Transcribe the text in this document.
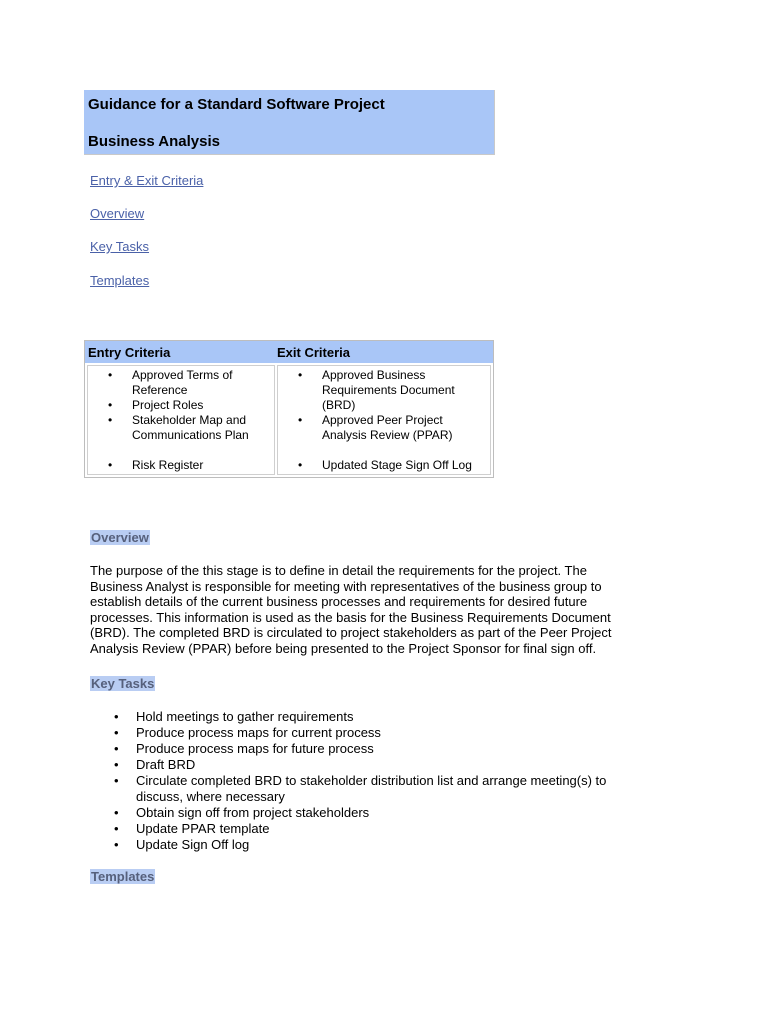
Guidance for a Standard Software Project
Business Analysis
Entry & Exit Criteria
Overview
Key Tasks
Templates
Entry Criteria	Exit Criteria
• Approved Terms of
Reference
• Project Roles
• Stakeholder Map and
Communications Plan
• Risk Register
• Approved Business
Requirements Document
(BRD)
• Approved Peer Project
Analysis Review (PPAR)
• Updated Stage Sign Off Log
Overview
The purpose of the this stage is to define in detail the requirements for the project. The
Business Analyst is responsible for meeting with representatives of the business group to
establish details of the current business processes and requirements for desired future
processes. This information is used as the basis for the Business Requirements Document
(BRD). The completed BRD is circulated to project stakeholders as part of the Peer Project
Analysis Review (PPAR) before being presented to the Project Sponsor for final sign off.
Key Tasks
• Hold meetings to gather requirements
• Produce process maps for current process
• Produce process maps for future process
• Draft BRD
• Circulate completed BRD to stakeholder distribution list and arrange meeting(s) to
discuss, where necessary
• Obtain sign off from project stakeholders
• Update PPAR template
• Update Sign Off log
Templates
